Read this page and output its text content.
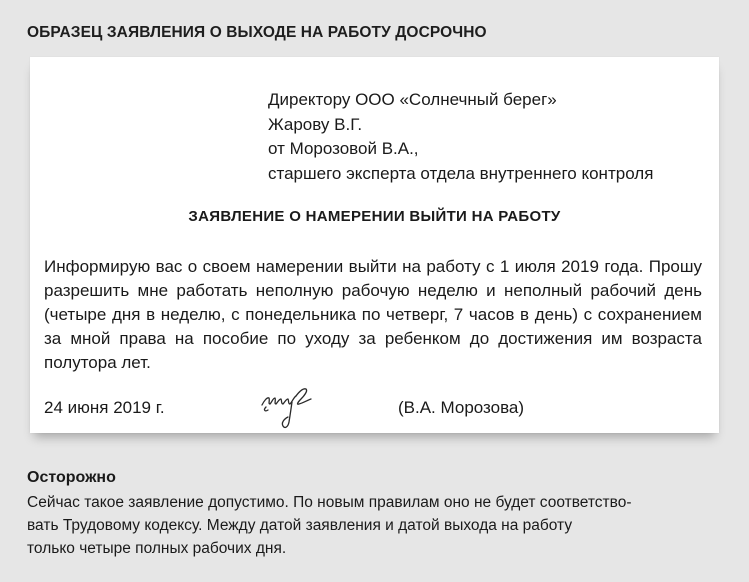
ОБРАЗЕЦ ЗАЯВЛЕНИЯ О ВЫХОДЕ НА РАБОТУ ДОСРОЧНО
Директору ООО «Солнечный берег»
Жарову В.Г.
от Морозовой В.А.,
старшего эксперта отдела внутреннего контроля
ЗАЯВЛЕНИЕ О НАМЕРЕНИИ ВЫЙТИ НА РАБОТУ
Информирую вас о своем намерении выйти на работу с 1 июля 2019 года. Прошу разрешить мне работать неполную рабочую неделю и неполный рабочий день (четыре дня в неделю, с понедельника по четверг, 7 часов в день) с сохранением за мной права на пособие по уходу за ребенком до достижения им возраста полутора лет.
24 июня 2019 г.	(В.А. Морозова)
Осторожно
Сейчас такое заявление допустимо. По новым правилам оно не будет соответство-
вать Трудовому кодексу. Между датой заявления и датой выхода на работу
только четыре полных рабочих дня.
